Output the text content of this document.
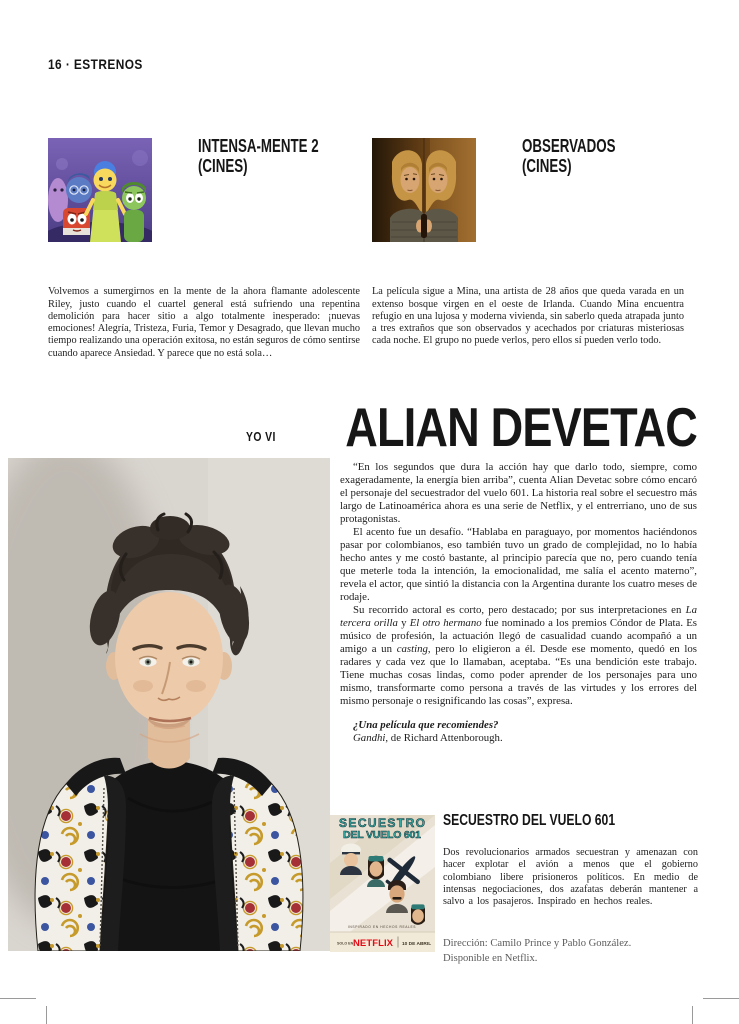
16 · ESTRENOS
INTENSA-MENTE 2
(CINES)

Volvemos a sumergirnos en la mente de la ahora flamante adolescente Riley, justo cuando el cuartel general está sufriendo una repentina demolición para hacer sitio a algo totalmente inesperado: ¡nuevas emociones! Alegría, Tristeza, Furia, Temor y Desagrado, que llevan mucho tiempo realizando una operación exitosa, no están seguros de cómo sentirse cuando aparece Ansiedad. Y parece que no está sola…

OBSERVADOS
(CINES)

La película sigue a Mina, una artista de 28 años que queda varada en un extenso bosque virgen en el oeste de Irlanda. Cuando Mina encuentra refugio en una lujosa y moderna vivienda, sin saberlo queda atrapada junto a tres extraños que son observados y acechados por criaturas misteriosas cada noche. El grupo no puede verlos, pero ellos sí pueden verlo todo.

YO VI	ALIAN DEVETAC

“En los segundos que dura la acción hay que darlo todo, siempre, como exageradamente, la energía bien arriba”, cuenta Alian Devetac sobre cómo encaró el personaje del secuestrador del vuelo 601. La historia real sobre el secuestro más largo de Latinoamérica ahora es una serie de Netflix, y el entrerriano, uno de sus protagonistas.

El acento fue un desafío. “Hablaba en paraguayo, por momentos haciéndonos pasar por colombianos, eso también tuvo un grado de complejidad, no lo había hecho antes y me costó bastante, al principio parecía que no, pero cuando tenía que meterle toda la intención, la emocionalidad, me salía el acento materno”, revela el actor, que sintió la distancia con la Argentina durante los cuatro meses de rodaje.

Su recorrido actoral es corto, pero destacado; por sus interpretaciones en La tercera orilla y El otro hermano fue nominado a los premios Cóndor de Plata. Es músico de profesión, la actuación llegó de casualidad cuando acompañó a un amigo a un casting, pero lo eligieron a él. Desde ese momento, quedó en los radares y cada vez que lo llamaban, aceptaba. “Es una bendición este trabajo. Tiene muchas cosas lindas, como poder aprender de los personajes para uno mismo, transformarte como persona a través de las virtudes y los errores del mismo personaje o resignificando las cosas”, expresa.

¿Una película que recomiendes?

Gandhi, de Richard Attenborough.

SECUESTRO
DEL VUELO 601
INSPIRADO EN HECHOS REALES
SOLO EN NETFLIX 10 DE ABRIL
SECUESTRO DEL VUELO 601

Dos revolucionarios armados secuestran y amenazan con hacer explotar el avión a menos que el gobierno colombiano libere prisioneros políticos. En medio de intensas negociaciones, dos azafatas deberán mantener a salvo a los pasajeros. Inspirado en hechos reales.

Dirección: Camilo Prince y Pablo González.

Disponible en Netflix.
